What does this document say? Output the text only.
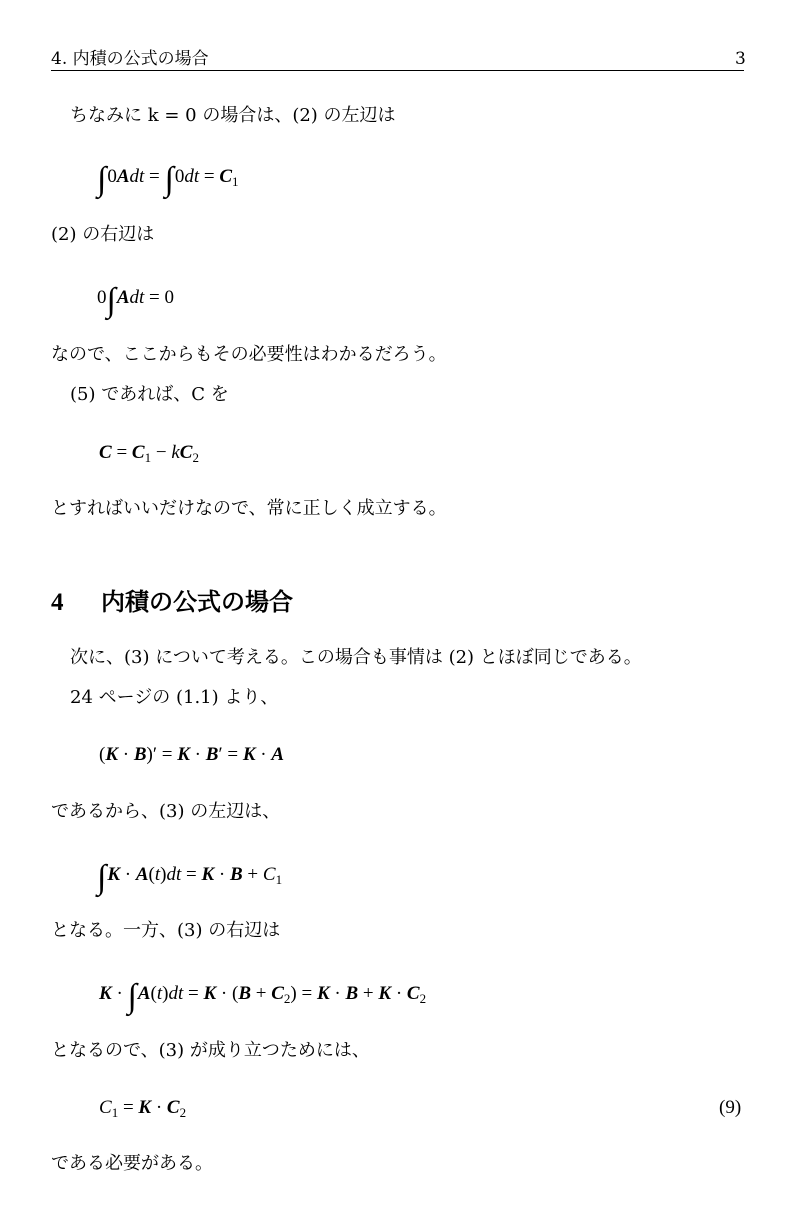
4. 内積の公式の場合	3
ちなみに k = 0 の場合は、(2) の左辺は
$\int 0Adt = \int 0dt = C_1$
(2) の右辺は
0∫Adt = 0
なので、ここからもその必要性はわかるだろう。
(5) であれば、C を
$C = C_1 - kC_2$
とすればいいだけなので、常に正しく成立する。
4 内積の公式の場合
次に、(3) について考える。この場合も事情は (2) とほぼ同じである。
24 ページの (1.1) より、
(K · B)′ = K · B′ = K · A
であるから、(3) の左辺は、
$\int K \cdot A(t)dt = K \cdot B + C_1$
となる。一方、(3) の右辺は
$K \cdot \int A(t)dt = K \cdot (B + C_2) = K \cdot B + K \cdot C_2$
となるので、(3) が成り立つためには、
$C_1 = K \cdot C_2$	(9)
である必要がある。
